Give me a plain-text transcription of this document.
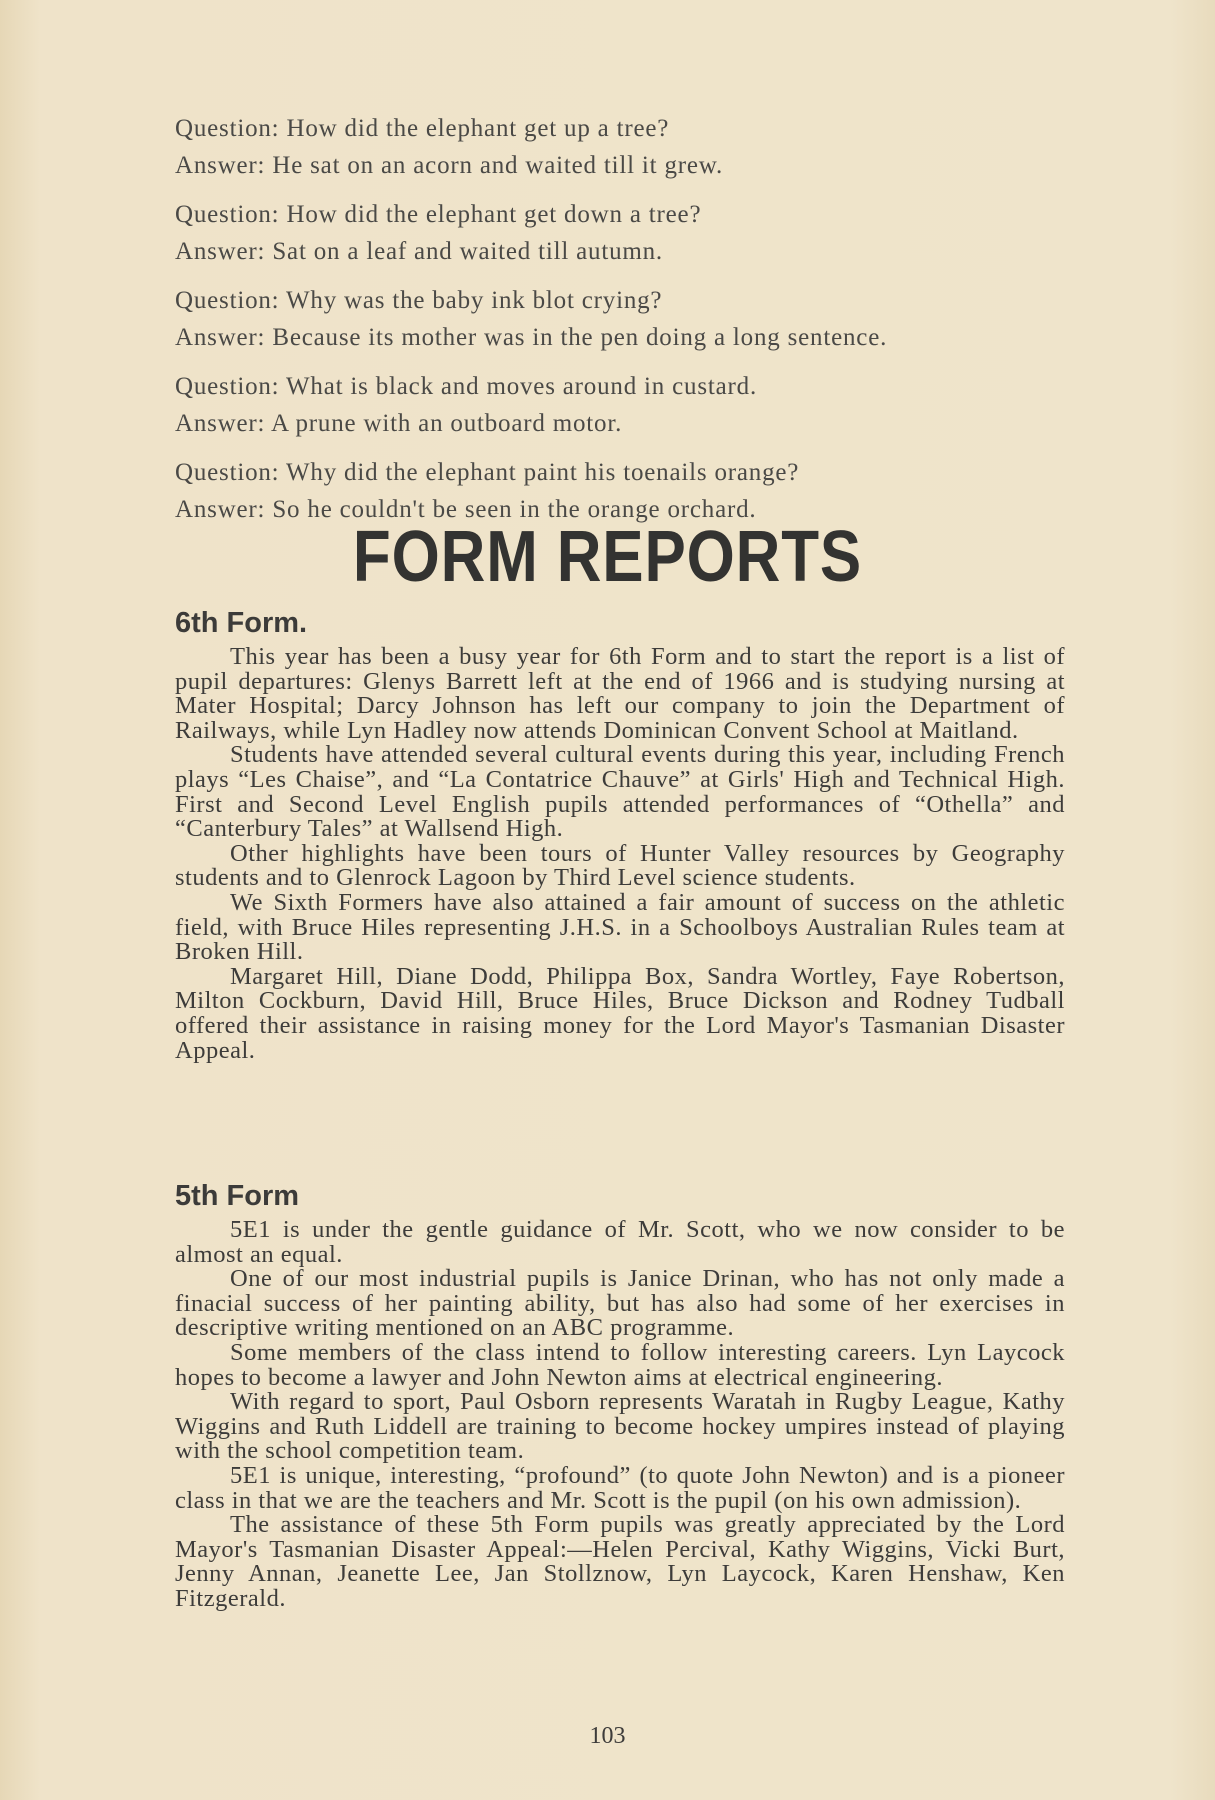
Question: How did the elephant get up a tree?
Answer: He sat on an acorn and waited till it grew.
Question: How did the elephant get down a tree?
Answer: Sat on a leaf and waited till autumn.
Question: Why was the baby ink blot crying?
Answer: Because its mother was in the pen doing a long sentence.
Question: What is black and moves around in custard.
Answer: A prune with an outboard motor.
Question: Why did the elephant paint his toenails orange?
Answer: So he couldn't be seen in the orange orchard.
FORM REPORTS
6th Form.

This year has been a busy year for 6th Form and to start the report is a list of pupil departures: Glenys Barrett left at the end of 1966 and is studying nursing at Mater Hospital; Darcy Johnson has left our company to join the Department of Railways, while Lyn Hadley now attends Dominican Convent School at Maitland.

Students have attended several cultural events during this year, including French plays “Les Chaise”, and “La Contatrice Chauve” at Girls' High and Technical High. First and Second Level English pupils attended performances of “Othella” and “Canterbury Tales” at Wallsend High.

Other highlights have been tours of Hunter Valley resources by Geography students and to Glenrock Lagoon by Third Level science students.

We Sixth Formers have also attained a fair amount of success on the athletic field, with Bruce Hiles representing J.H.S. in a Schoolboys Australian Rules team at Broken Hill.

Margaret Hill, Diane Dodd, Philippa Box, Sandra Wortley, Faye Robertson, Milton Cockburn, David Hill, Bruce Hiles, Bruce Dickson and Rodney Tudball offered their assistance in raising money for the Lord Mayor's Tasmanian Disaster Appeal.

5th Form

5E1 is under the gentle guidance of Mr. Scott, who we now consider to be almost an equal.

One of our most industrial pupils is Janice Drinan, who has not only made a finacial success of her painting ability, but has also had some of her exercises in descriptive writing mentioned on an ABC programme.

Some members of the class intend to follow interesting careers. Lyn Laycock hopes to become a lawyer and John Newton aims at electrical engineering.

With regard to sport, Paul Osborn represents Waratah in Rugby League, Kathy Wiggins and Ruth Liddell are training to become hockey umpires instead of playing with the school competition team.

5E1 is unique, interesting, “profound” (to quote John Newton) and is a pioneer class in that we are the teachers and Mr. Scott is the pupil (on his own admission).

The assistance of these 5th Form pupils was greatly appreciated by the Lord Mayor's Tasmanian Disaster Appeal:—Helen Percival, Kathy Wiggins, Vicki Burt, Jenny Annan, Jeanette Lee, Jan Stollznow, Lyn Laycock, Karen Henshaw, Ken Fitzgerald.

103
